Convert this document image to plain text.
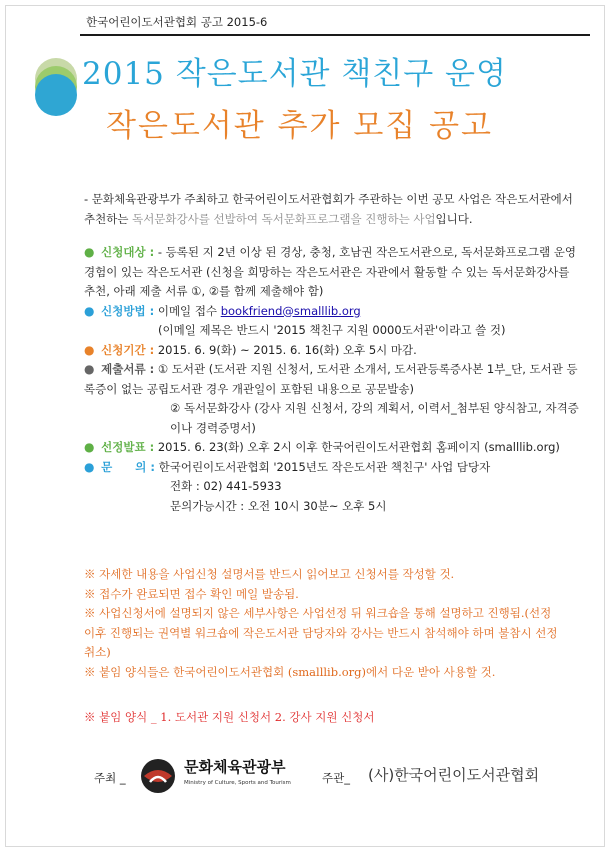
한국어린이도서관협회 공고 2015-6
2015 작은도서관 책친구 운영
작은도서관 추가 모집 공고

- 문화체육관광부가 주최하고 한국어린이도서관협회가 주관하는 이번 공모 사업은 작은도서관에서 추천하는 독서문화강사를 선발하여 독서문화프로그램을 진행하는 사업입니다.

● 신청대상 : - 등록된 지 2년 이상 된 경상, 충청, 호남권 작은도서관으로, 독서문화프로그램 운영 경험이 있는 작은도서관 (신청을 희망하는 작은도서관은 자관에서 활동할 수 있는 독서문화강사를 추천, 아래 제출 서류 ①, ②를 함께 제출해야 함)

● 신청방법 : 이메일 접수 bookfriend@smalllib.org

(이메일 제목은 반드시 '2015 책친구 지원 0000도서관'이라고 쓸 것)

● 신청기간 : 2015. 6. 9(화) ~ 2015. 6. 16(화) 오후 5시 마감.

● 제출서류 : ① 도서관 (도서관 지원 신청서, 도서관 소개서, 도서관등록증사본 1부_단, 도서관 등록증이 없는 공립도서관 경우 개관일이 포함된 내용으로 공문발송)

② 독서문화강사 (강사 지원 신청서, 강의 계획서, 이력서_첨부된 양식참고, 자격증이나 경력증명서)

● 선정발표 : 2015. 6. 23(화) 오후 2시 이후 한국어린이도서관협회 홈페이지 (smalllib.org)

● 문　　의 : 한국어린이도서관협회 '2015년도 작은도서관 책친구' 사업 담당자

전화 : 02) 441-5933

문의가능시간 : 오전 10시 30분~ 오후 5시

※ 자세한 내용을 사업신청 설명서를 반드시 읽어보고 신청서를 작성할 것.

※ 접수가 완료되면 접수 확인 메일 발송됨.

※ 사업신청서에 설명되지 않은 세부사항은 사업선정 뒤 워크숍을 통해 설명하고 진행됨.(선정 이후 진행되는 권역별 워크숍에 작은도서관 담당자와 강사는 반드시 참석해야 하며 불참시 선정취소)

※ 붙임 양식들은 한국어린이도서관협회 (smalllib.org)에서 다운 받아 사용할 것.

※ 붙임 양식 _ 1. 도서관 지원 신청서 2. 강사 지원 신청서
주최 _
문화체육관광부
Ministry of Culture, Sports and Tourism	주관_ (사)한국어린이도서관협회
